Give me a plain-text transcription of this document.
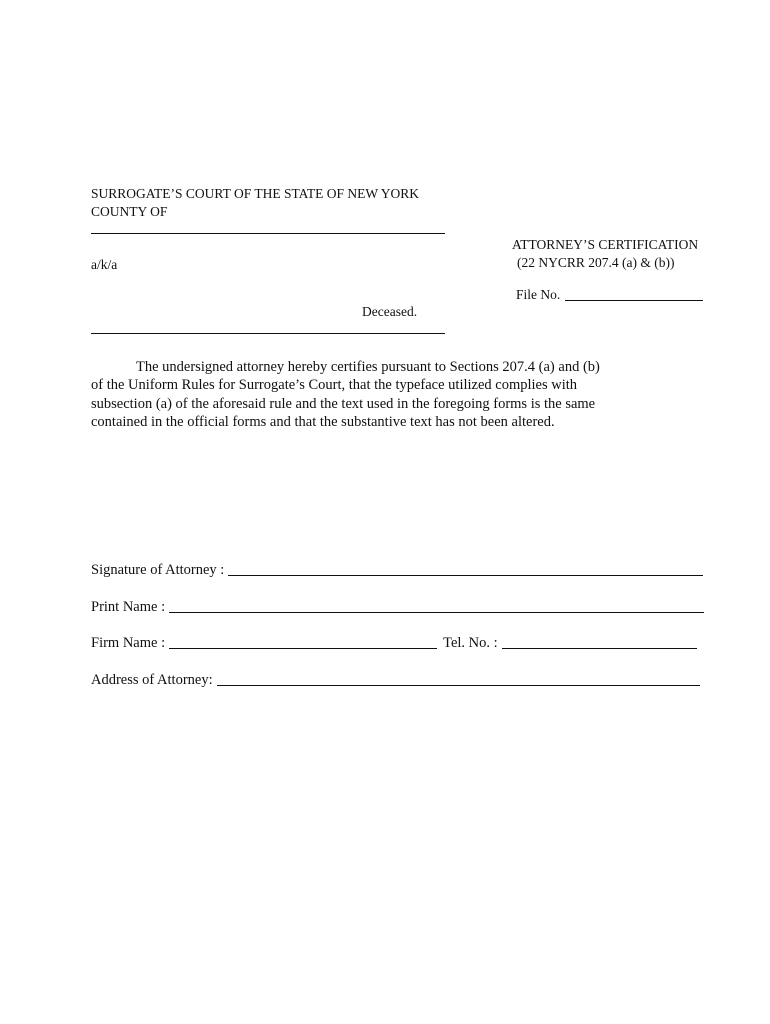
SURROGATE’S COURT OF THE STATE OF NEW YORK
COUNTY OF
ATTORNEY’S CERTIFICATION
(22 NYCRR 207.4 (a) & (b))
a/k/a
File No.
Deceased.
The undersigned attorney hereby certifies pursuant to Sections 207.4 (a) and (b)
of the Uniform Rules for Surrogate’s Court, that the typeface utilized complies with
subsection (a) of the aforesaid rule and the text used in the foregoing forms is the same
contained in the official forms and that the substantive text has not been altered.
Signature of Attorney :
Print Name :
Firm Name :	Tel. No. :
Address of Attorney:
